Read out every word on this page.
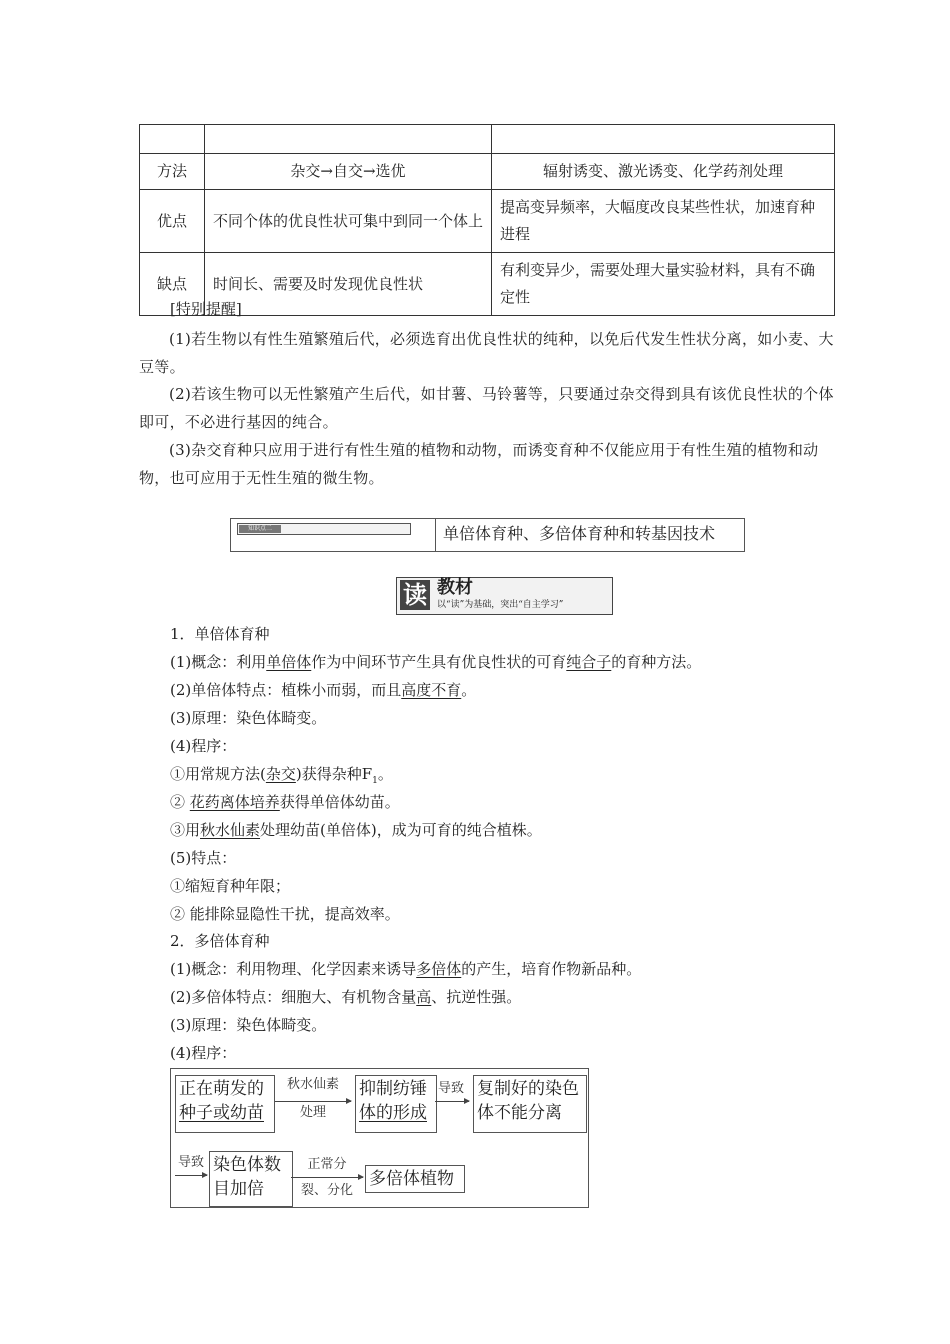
方法	杂交→自交→选优	辐射诱变、激光诱变、化学药剂处理
优点	不同个体的优良性状可集中到同一个体上	提高变异频率，大幅度改良某些性状，加速育种进程
缺点	时间长、需要及时发现优良性状	有利变异少，需要处理大量实验材料，具有不确定性
[特别提醒]
(1)若生物以有性生殖繁殖后代，必须选育出优良性状的纯种，以免后代发生性状分离，如小麦、大豆等。
(2)若该生物可以无性繁殖产生后代，如甘薯、马铃薯等，只要通过杂交得到具有该优良性状的个体即可，不必进行基因的纯合。
(3)杂交育种只应用于进行有性生殖的植物和动物，而诱变育种不仅能应用于有性生殖的植物和动物，也可应用于无性生殖的微生物。
知识点二	单倍体育种、多倍体育种和转基因技术
读 教材
以“读”为基础，突出“自主学习”
1．单倍体育种
(1)概念：利用单倍体作为中间环节产生具有优良性状的可育纯合子的育种方法。
(2)单倍体特点：植株小而弱，而且高度不育。
(3)原理：染色体畸变。
(4)程序：
①用常规方法(杂交)获得杂种$F_1$。
② 花药离体培养获得单倍体幼苗。
③用秋水仙素处理幼苗(单倍体)，成为可育的纯合植株。
(5)特点：
①缩短育种年限；
② 能排除显隐性干扰，提高效率。
2．多倍体育种
(1)概念：利用物理、化学因素来诱导多倍体的产生，培育作物新品种。
(2)多倍体特点：细胞大、有机物含量高、抗逆性强。
(3)原理：染色体畸变。
(4)程序：
正在萌发的
种子或幼苗
秋水仙素
处理
抑制纺锤
体的形成
导致 复制好的染色
体不能分离
导致 染色体数
目加倍
正常分
裂、分化
多倍体植物
